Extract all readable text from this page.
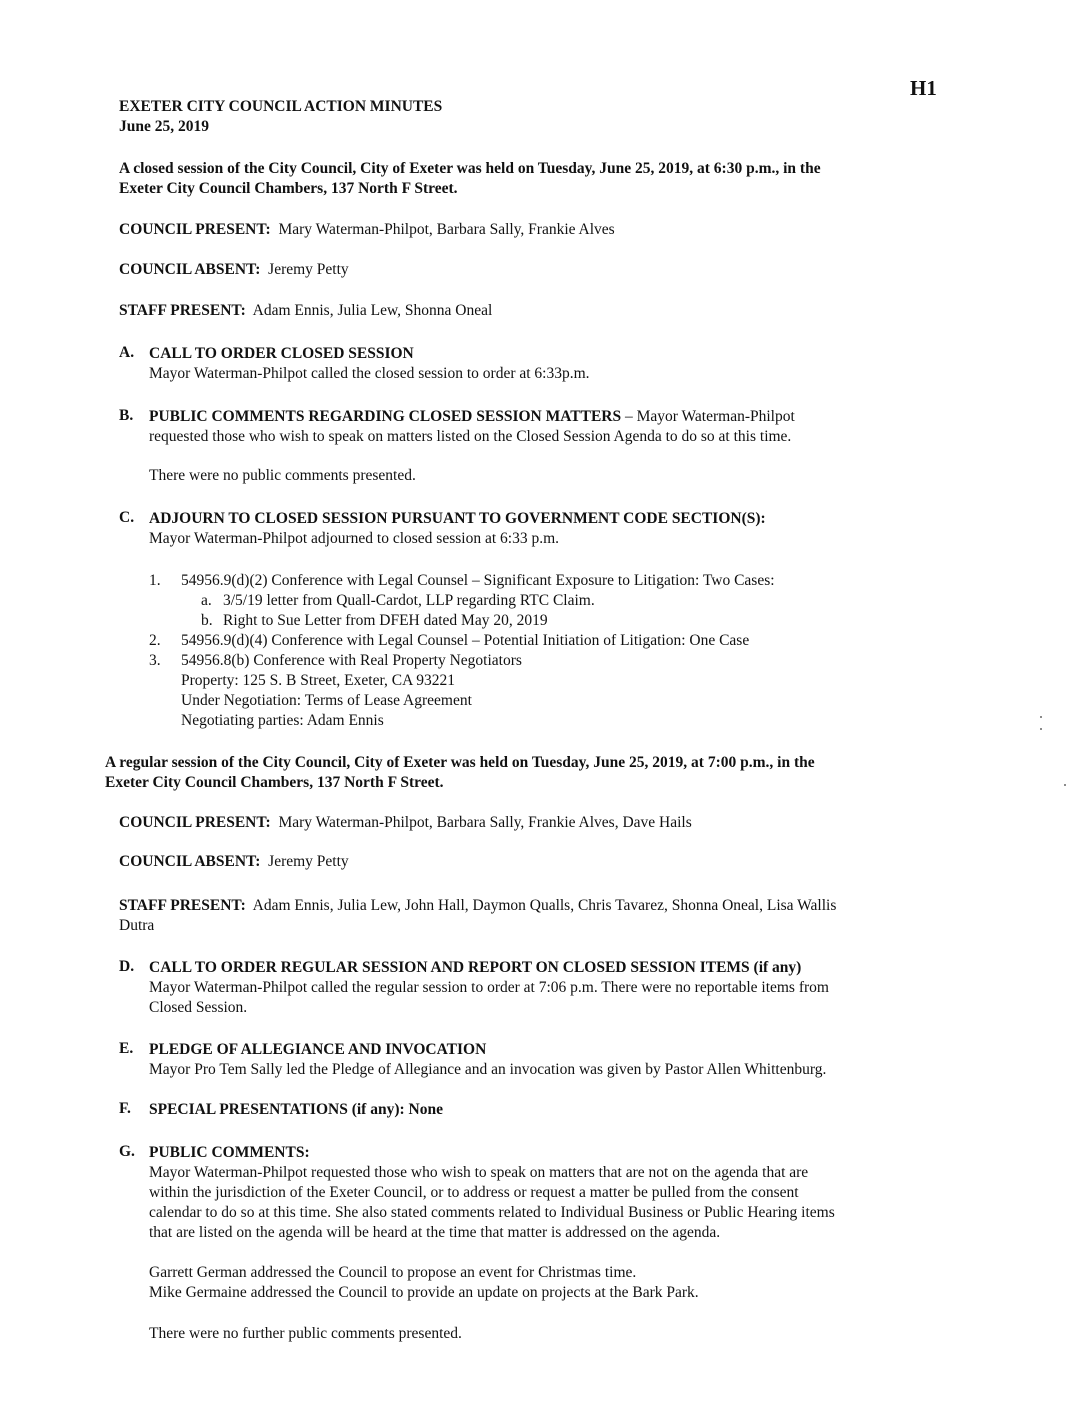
H1
EXETER CITY COUNCIL ACTION MINUTES
June 25, 2019
A closed session of the City Council, City of Exeter was held on Tuesday, June 25, 2019, at 6:30 p.m., in the
Exeter City Council Chambers, 137 North F Street.
COUNCIL PRESENT: Mary Waterman-Philpot, Barbara Sally, Frankie Alves
COUNCIL ABSENT: Jeremy Petty
STAFF PRESENT: Adam Ennis, Julia Lew, Shonna Oneal
A. CALL TO ORDER CLOSED SESSION
Mayor Waterman-Philpot called the closed session to order at 6:33p.m.
B. PUBLIC COMMENTS REGARDING CLOSED SESSION MATTERS – Mayor Waterman-Philpot
requested those who wish to speak on matters listed on the Closed Session Agenda to do so at this time.
There were no public comments presented.
C. ADJOURN TO CLOSED SESSION PURSUANT TO GOVERNMENT CODE SECTION(S):
Mayor Waterman-Philpot adjourned to closed session at 6:33 p.m.
1. 54956.9(d)(2) Conference with Legal Counsel – Significant Exposure to Litigation: Two Cases:
a. 3/5/19 letter from Quall-Cardot, LLP regarding RTC Claim.
b. Right to Sue Letter from DFEH dated May 20, 2019
2. 54956.9(d)(4) Conference with Legal Counsel – Potential Initiation of Litigation: One Case
3. 54956.8(b) Conference with Real Property Negotiators
Property: 125 S. B Street, Exeter, CA 93221
Under Negotiation: Terms of Lease Agreement
Negotiating parties: Adam Ennis
A regular session of the City Council, City of Exeter was held on Tuesday, June 25, 2019, at 7:00 p.m., in the
Exeter City Council Chambers, 137 North F Street.
COUNCIL PRESENT: Mary Waterman-Philpot, Barbara Sally, Frankie Alves, Dave Hails
COUNCIL ABSENT: Jeremy Petty
STAFF PRESENT: Adam Ennis, Julia Lew, John Hall, Daymon Qualls, Chris Tavarez, Shonna Oneal, Lisa Wallis
Dutra
D. CALL TO ORDER REGULAR SESSION AND REPORT ON CLOSED SESSION ITEMS (if any)
Mayor Waterman-Philpot called the regular session to order at 7:06 p.m. There were no reportable items from
Closed Session.
E. PLEDGE OF ALLEGIANCE AND INVOCATION
Mayor Pro Tem Sally led the Pledge of Allegiance and an invocation was given by Pastor Allen Whittenburg.
F. SPECIAL PRESENTATIONS (if any): None
G. PUBLIC COMMENTS:
Mayor Waterman-Philpot requested those who wish to speak on matters that are not on the agenda that are
within the jurisdiction of the Exeter Council, or to address or request a matter be pulled from the consent
calendar to do so at this time. She also stated comments related to Individual Business or Public Hearing items
that are listed on the agenda will be heard at the time that matter is addressed on the agenda.
Garrett German addressed the Council to propose an event for Christmas time.
Mike Germaine addressed the Council to provide an update on projects at the Bark Park.
There were no further public comments presented.
